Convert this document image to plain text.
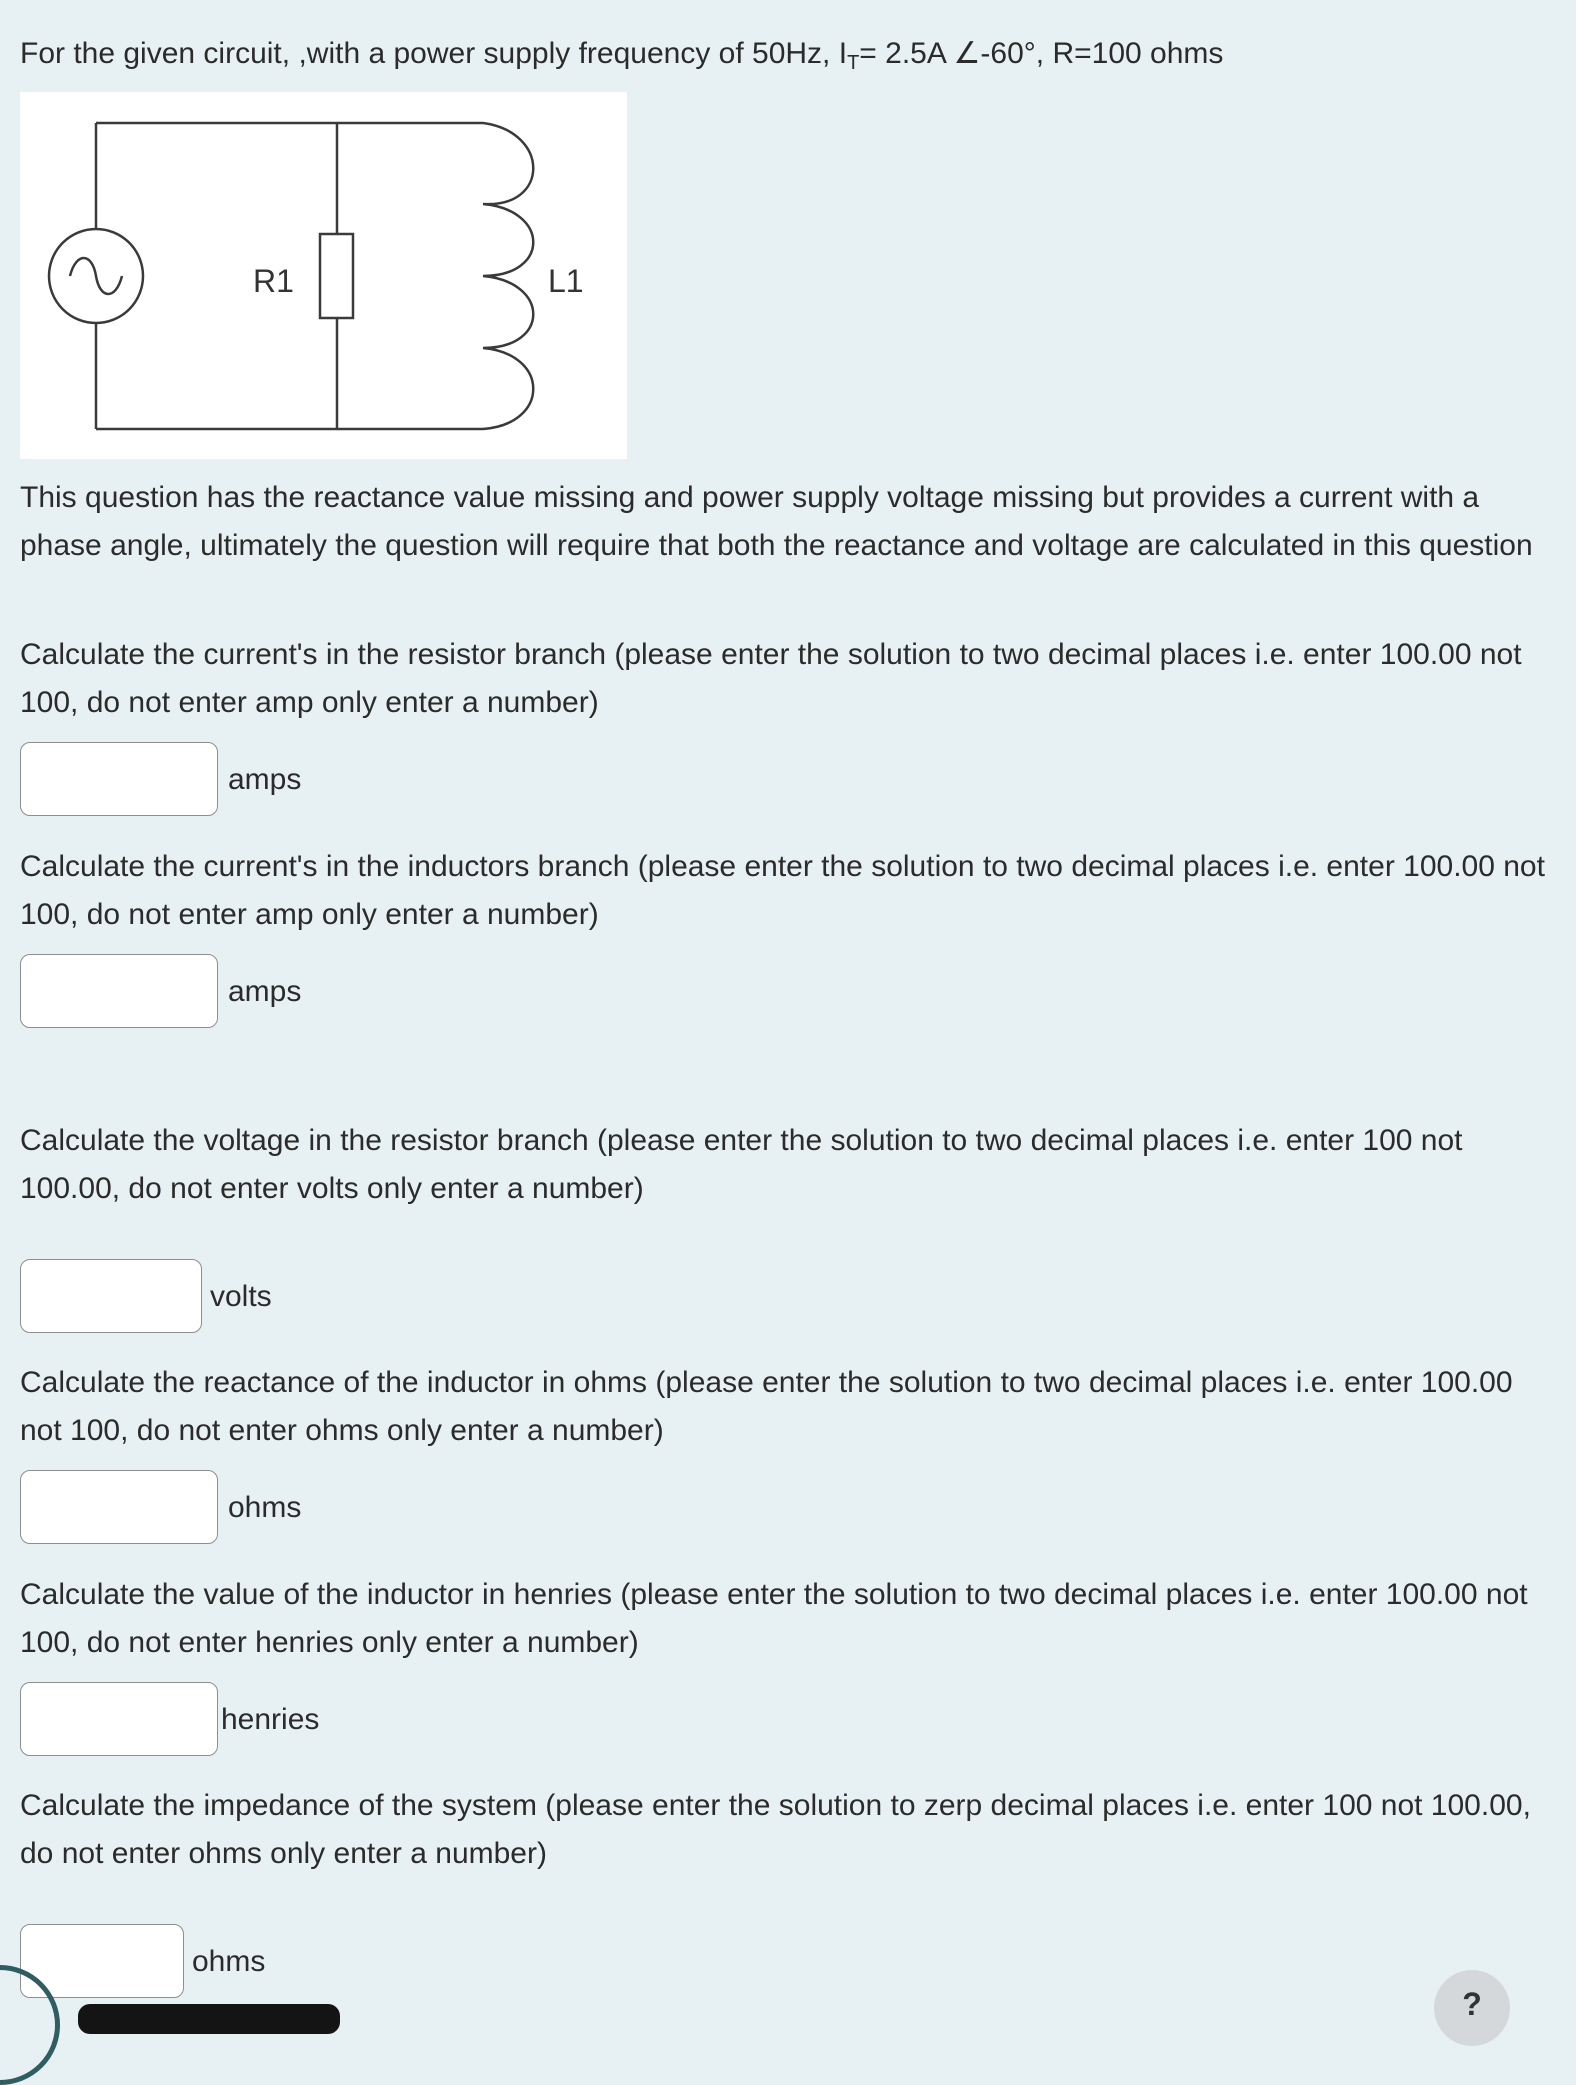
For the given circuit, ,with a power supply frequency of 50Hz, $I_T= 2.5A$ ∠-60°, R=100 ohms

R1	L1

This question has the reactance value missing and power supply voltage missing but provides a current with a phase angle, ultimately the question will require that both the reactance and voltage are calculated in this question

Calculate the current's in the resistor branch (please enter the solution to two decimal places i.e. enter 100.00 not 100, do not enter amp only enter a number)

amps

Calculate the current's in the inductors branch (please enter the solution to two decimal places i.e. enter 100.00 not 100, do not enter amp only enter a number)

amps

Calculate the voltage in the resistor branch (please enter the solution to two decimal places i.e. enter 100 not 100.00, do not enter volts only enter a number)

volts

Calculate the reactance of the inductor in ohms (please enter the solution to two decimal places i.e. enter 100.00 not 100, do not enter ohms only enter a number)

ohms

Calculate the value of the inductor in henries (please enter the solution to two decimal places i.e. enter 100.00 not 100, do not enter henries only enter a number)

henries

Calculate the impedance of the system (please enter the solution to zerp decimal places i.e. enter 100 not 100.00, do not enter ohms only enter a number)

ohms
?
